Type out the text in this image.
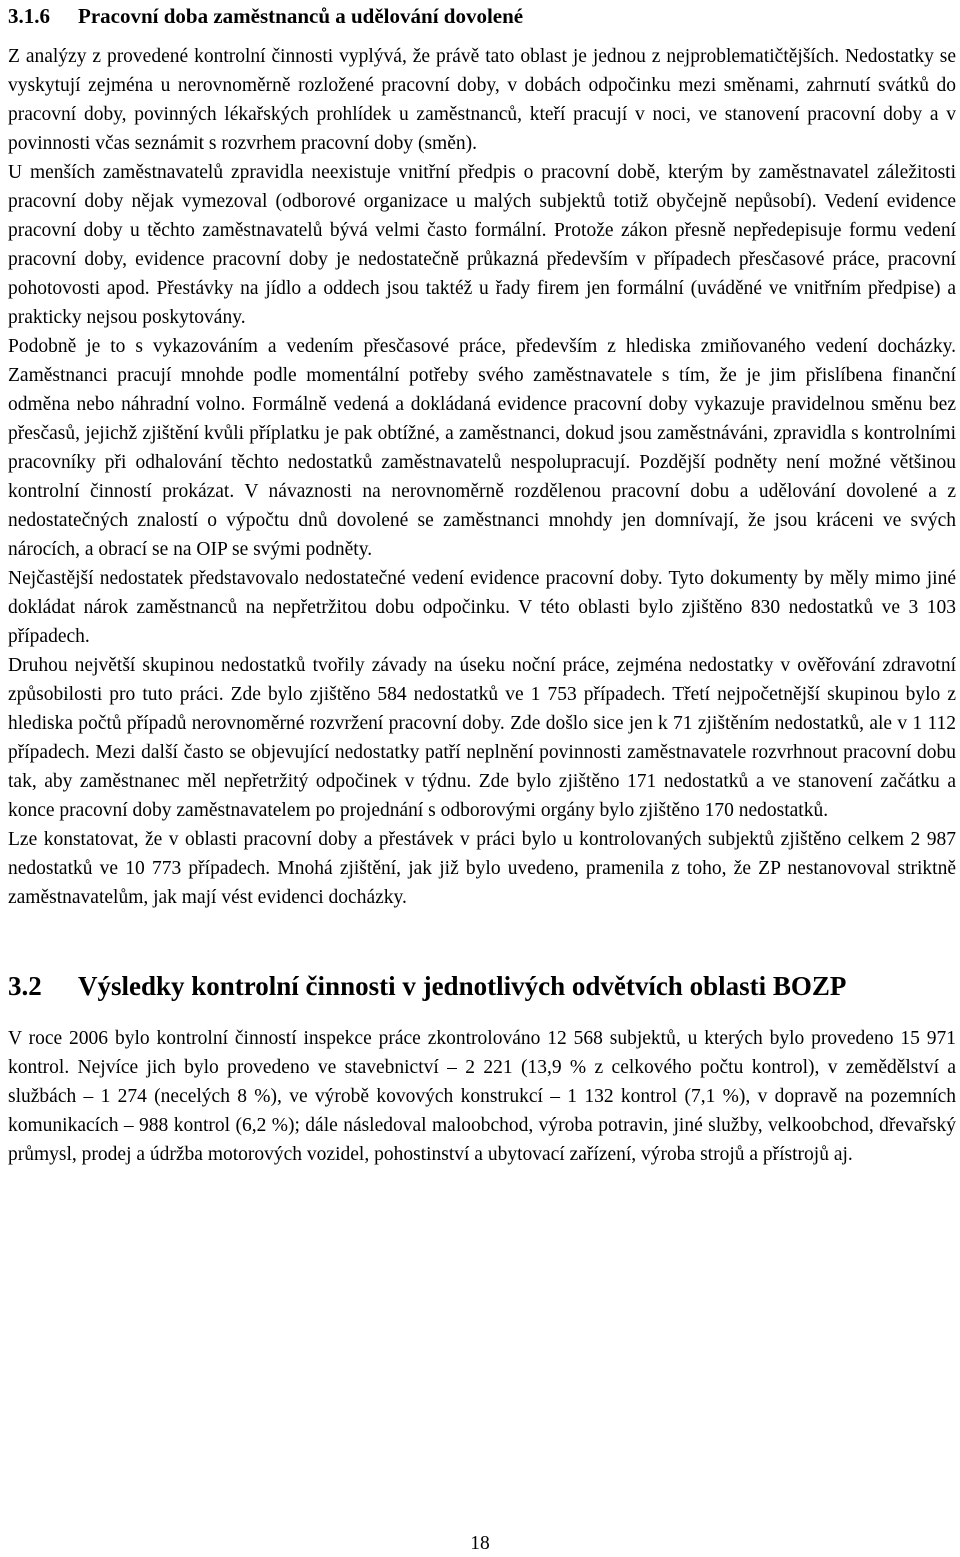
3.1.6 Pracovní doba zaměstnanců a udělování dovolené

Z analýzy z provedené kontrolní činnosti vyplývá, že právě tato oblast je jednou z nejproblematičtějších. Nedostatky se vyskytují zejména u nerovnoměrně rozložené pracovní doby, v dobách odpočinku mezi směnami, zahrnutí svátků do pracovní doby, povinných lékařských prohlídek u zaměstnanců, kteří pracují v noci, ve stanovení pracovní doby a v povinnosti včas seznámit s rozvrhem pracovní doby (směn).

U menších zaměstnavatelů zpravidla neexistuje vnitřní předpis o pracovní době, kterým by zaměstnavatel záležitosti pracovní doby nějak vymezoval (odborové organizace u malých subjektů totiž obyčejně nepůsobí). Vedení evidence pracovní doby u těchto zaměstnavatelů bývá velmi často formální. Protože zákon přesně nepředepisuje formu vedení pracovní doby, evidence pracovní doby je nedostatečně průkazná především v případech přesčasové práce, pracovní pohotovosti apod. Přestávky na jídlo a oddech jsou taktéž u řady firem jen formální (uváděné ve vnitřním předpise) a prakticky nejsou poskytovány.

Podobně je to s vykazováním a vedením přesčasové práce, především z hlediska zmiňovaného vedení docházky. Zaměstnanci pracují mnohde podle momentální potřeby svého zaměstnavatele s tím, že je jim přislíbena finanční odměna nebo náhradní volno. Formálně vedená a dokládaná evidence pracovní doby vykazuje pravidelnou směnu bez přesčasů, jejichž zjištění kvůli příplatku je pak obtížné, a zaměstnanci, dokud jsou zaměstnáváni, zpravidla s kontrolními pracovníky při odhalování těchto nedostatků zaměstnavatelů nespolupracují. Pozdější podněty není možné většinou kontrolní činností prokázat. V návaznosti na nerovnoměrně rozdělenou pracovní dobu a udělování dovolené a z nedostatečných znalostí o výpočtu dnů dovolené se zaměstnanci mnohdy jen domnívají, že jsou kráceni ve svých nárocích, a obrací se na OIP se svými podněty.

Nejčastější nedostatek představovalo nedostatečné vedení evidence pracovní doby. Tyto dokumenty by měly mimo jiné dokládat nárok zaměstnanců na nepřetržitou dobu odpočinku. V této oblasti bylo zjištěno 830 nedostatků ve 3 103 případech.

Druhou největší skupinou nedostatků tvořily závady na úseku noční práce, zejména nedostatky v ověřování zdravotní způsobilosti pro tuto práci. Zde bylo zjištěno 584 nedostatků ve 1 753 případech. Třetí nejpočetnější skupinou bylo z hlediska počtů případů nerovnoměrné rozvržení pracovní doby. Zde došlo sice jen k 71 zjištěním nedostatků, ale v 1 112 případech. Mezi další často se objevující nedostatky patří neplnění povinnosti zaměstnavatele rozvrhnout pracovní dobu tak, aby zaměstnanec měl nepřetržitý odpočinek v týdnu. Zde bylo zjištěno 171 nedostatků a ve stanovení začátku a konce pracovní doby zaměstnavatelem po projednání s odborovými orgány bylo zjištěno 170 nedostatků.

Lze konstatovat, že v oblasti pracovní doby a přestávek v práci bylo u kontrolovaných subjektů zjištěno celkem 2 987 nedostatků ve 10 773 případech. Mnohá zjištění, jak již bylo uvedeno, pramenila z toho, že ZP nestanovoval striktně zaměstnavatelům, jak mají vést evidenci docházky.

3.2 Výsledky kontrolní činnosti v jednotlivých odvětvích oblasti BOZP

V roce 2006 bylo kontrolní činností inspekce práce zkontrolováno 12 568 subjektů, u kterých bylo provedeno 15 971 kontrol. Nejvíce jich bylo provedeno ve stavebnictví – 2 221 (13,9 % z celkového počtu kontrol), v zemědělství a službách – 1 274 (necelých 8 %), ve výrobě kovových konstrukcí – 1 132 kontrol (7,1 %), v dopravě na pozemních komunikacích – 988 kontrol (6,2 %); dále následoval maloobchod, výroba potravin, jiné služby, velkoobchod, dřevařský průmysl, prodej a údržba motorových vozidel, pohostinství a ubytovací zařízení, výroba strojů a přístrojů aj.

18
